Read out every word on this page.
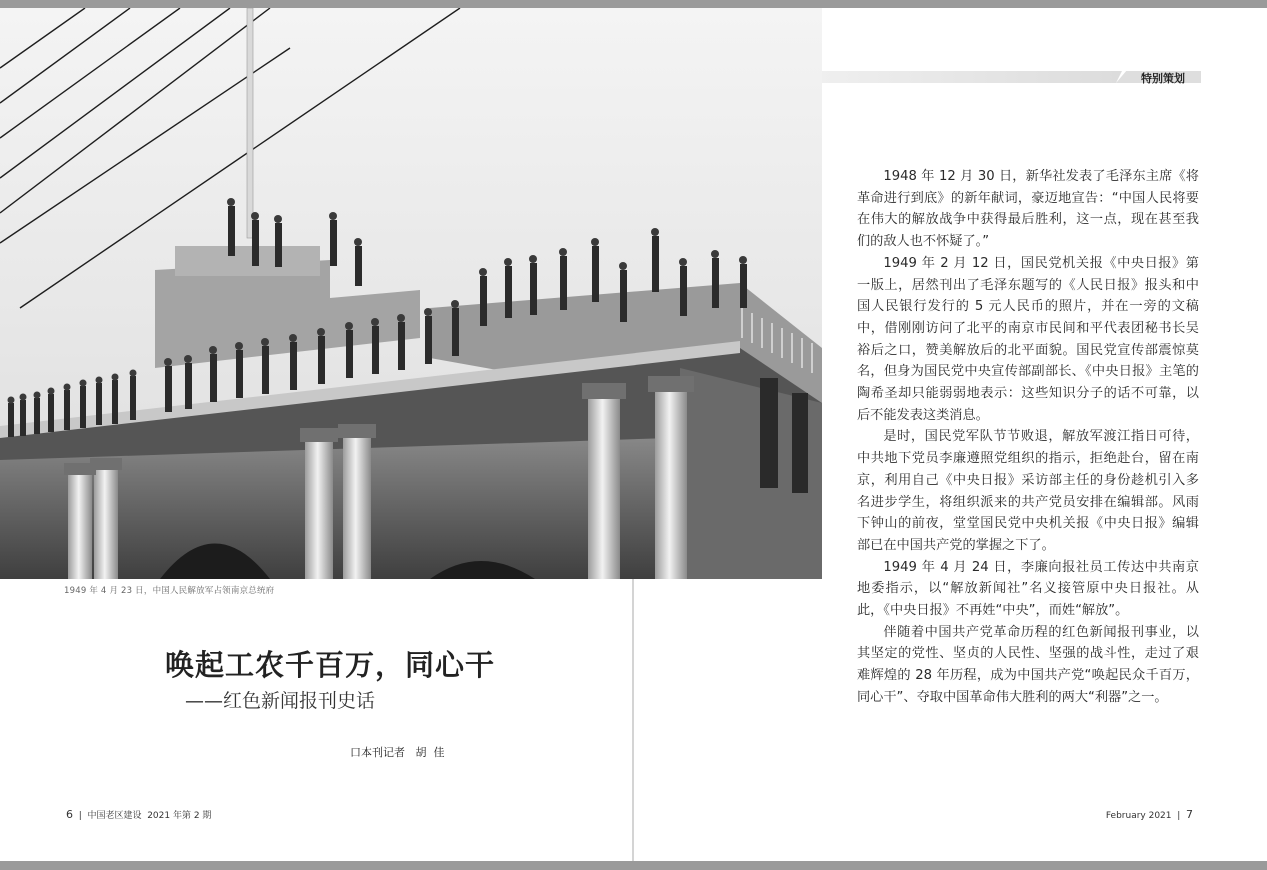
1949 年 4 月 23 日，中国人民解放军占领南京总统府
唤起工农千百万，同心干
——红色新闻报刊史话
口本刊记者   胡  佳
6  |  中国老区建设  2021 年第 2 期	February 2021  |  7
特别策划

1948 年 12 月 30 日，新华社发表了毛泽东主席《将革命进行到底》的新年献词，豪迈地宣告：“中国人民将要在伟大的解放战争中获得最后胜利，这一点，现在甚至我们的敌人也不怀疑了。”

1949 年 2 月 12 日，国民党机关报《中央日报》第一版上，居然刊出了毛泽东题写的《人民日报》报头和中国人民银行发行的 5 元人民币的照片，并在一旁的文稿中，借刚刚访问了北平的南京市民间和平代表团秘书长吴裕后之口，赞美解放后的北平面貌。国民党宣传部震惊莫名，但身为国民党中央宣传部副部长、《中央日报》主笔的陶希圣却只能弱弱地表示：这些知识分子的话不可靠，以后不能发表这类消息。

是时，国民党军队节节败退，解放军渡江指日可待，中共地下党员李廉遵照党组织的指示，拒绝赴台，留在南京，利用自己《中央日报》采访部主任的身份趁机引入多名进步学生，将组织派来的共产党员安排在编辑部。风雨下钟山的前夜，堂堂国民党中央机关报《中央日报》编辑部已在中国共产党的掌握之下了。

1949 年 4 月 24 日，李廉向报社员工传达中共南京地委指示，以“解放新闻社”名义接管原中央日报社。从此，《中央日报》不再姓“中央”，而姓“解放”。

伴随着中国共产党革命历程的红色新闻报刊事业，以其坚定的党性、坚贞的人民性、坚强的战斗性，走过了艰难辉煌的 28 年历程，成为中国共产党“唤起民众千百万，同心干”、夺取中国革命伟大胜利的两大“利器”之一。
